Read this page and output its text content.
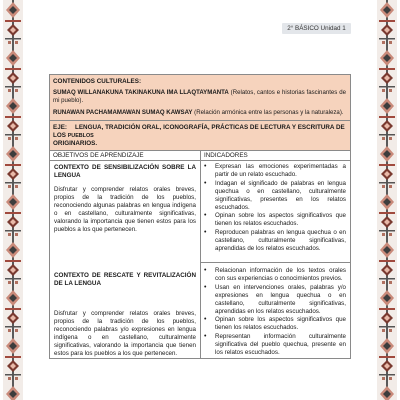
2° BÁSICO Unidad 1
CONTENIDOS CULTURALES:
SUMAQ WILLANAKUNA TAKINAKUNA IMA LLAQTAYMANTA (Relatos, cantos e historias fascinantes de mi pueblo).
RUNAWAN PACHAMAMAWAN SUMAQ KAWSAY (Relación armónica entre las personas y la naturaleza).
EJE: LENGUA, TRADICIÓN ORAL, ICONOGRAFÍA, PRÁCTICAS DE LECTURA Y ESCRITURA DE LOS PUEBLOS
ORIGINARIOS.
OBJETIVOS DE APRENDIZAJE	INDICADORES
CONTEXTO DE SENSIBILIZACIÓN SOBRE LA LENGUA
Disfrutar y comprender relatos orales breves, propios de la tradición de los pueblos, reconociendo algunas palabras en lengua indígena o en castellano, culturalmente significativas, valorando la importancia que tienen estos para los pueblos a los que pertenecen.
CONTEXTO DE RESCATE Y REVITALIZACIÓN DE LA LENGUA
Disfrutar y comprender relatos orales breves, propios de la tradición de los pueblos, reconociendo palabras y/o expresiones en lengua indígena o en castellano, culturalmente significativas, valorando la importancia que tienen estos para los pueblos a los que pertenecen.
• Expresan las emociones experimentadas a partir de un relato escuchado.
• Indagan el significado de palabras en lengua quechua o en castellano, culturalmente significativas, presentes en los relatos escuchados.
• Opinan sobre los aspectos significativos que tienen los relatos escuchados.
• Reproducen palabras en lengua quechua o en castellano, culturalmente significativas, aprendidas de los relatos escuchados.
• Relacionan información de los textos orales con sus experiencias o conocimientos previos.
• Usan en intervenciones orales, palabras y/o expresiones en lengua quechua o en castellano, culturalmente significativas, aprendidas en los relatos escuchados.
• Opinan sobre los aspectos significativos que tienen los relatos escuchados.
• Representan información culturalmente significativa del pueblo quechua, presente en los relatos escuchados.
